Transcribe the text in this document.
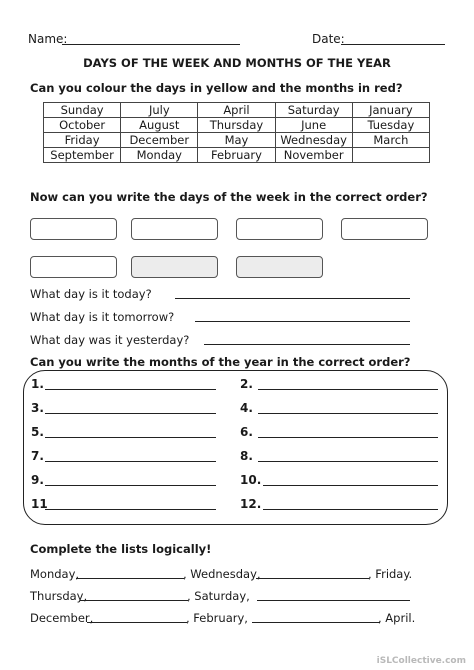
Name:	Date:
DAYS OF THE WEEK AND MONTHS OF THE YEAR
Can you colour the days in yellow and the months in red?
Sunday	July	April	Saturday	January
October	August	Thursday	June	Tuesday
Friday	December	May	Wednesday	March
September	Monday	February	November	
Now can you write the days of the week in the correct order?
What day is it today?
What day is it tomorrow?
What day was it yesterday?
Can you write the months of the year in the correct order?
1.	2.
3.	4.
5.	6.
7.	8.
9.	10.
11	12.
Complete the lists logically!
Monday,	, Wednesday,	, Friday.
Thursday,	, Saturday,
December,	, February,	, April.
iSLCollective.com
